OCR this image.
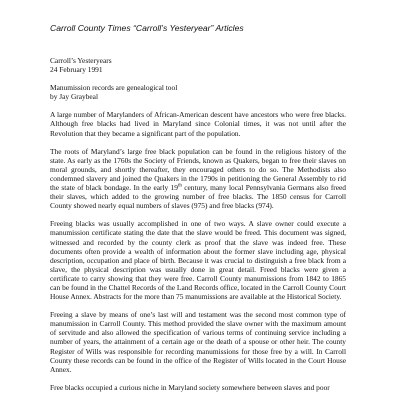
Carroll County Times “Carroll’s Yesteryear” Articles

Carroll’s Yesteryears

24 February 1991

Manumission records are genealogical tool

by Jay Graybeal

A large number of Marylanders of African-American descent have ancestors who were free blacks. Although free blacks had lived in Maryland since Colonial times, it was not until after the Revolution that they became a significant part of the population.

The roots of Maryland’s large free black population can be found in the religious history of the state. As early as the 1760s the Society of Friends, known as Quakers, began to free their slaves on moral grounds, and shortly thereafter, they encouraged others to do so. The Methodists also condemned slavery and joined the Quakers in the 1790s in petitioning the General Assembly to rid the state of black bondage. In the early 19th century, many local Pennsylvania Germans also freed their slaves, which added to the growing number of free blacks. The 1850 census for Carroll County showed nearly equal numbers of slaves (975) and free blacks (974).

Freeing blacks was usually accomplished in one of two ways. A slave owner could execute a manumission certificate stating the date that the slave would be freed. This document was signed, witnessed and recorded by the county clerk as proof that the slave was indeed free. These documents often provide a wealth of information about the former slave including age, physical description, occupation and place of birth. Because it was crucial to distinguish a free black from a slave, the physical description was usually done in great detail. Freed blacks were given a certificate to carry showing that they were free. Carroll County manumissions from 1842 to 1865 can be found in the Chattel Records of the Land Records office, located in the Carroll County Court House Annex. Abstracts for the more than 75 manumissions are available at the Historical Society.

Freeing a slave by means of one’s last will and testament was the second most common type of manumission in Carroll County. This method provided the slave owner with the maximum amount of servitude and also allowed the specification of various terms of continuing service including a number of years, the attainment of a certain age or the death of a spouse or other heir. The county Register of Wills was responsible for recording manumissions for those free by a will. In Carroll County these records can be found in the office of the Register of Wills located in the Court House Annex.

Free blacks occupied a curious niche in Maryland society somewhere between slaves and poor
